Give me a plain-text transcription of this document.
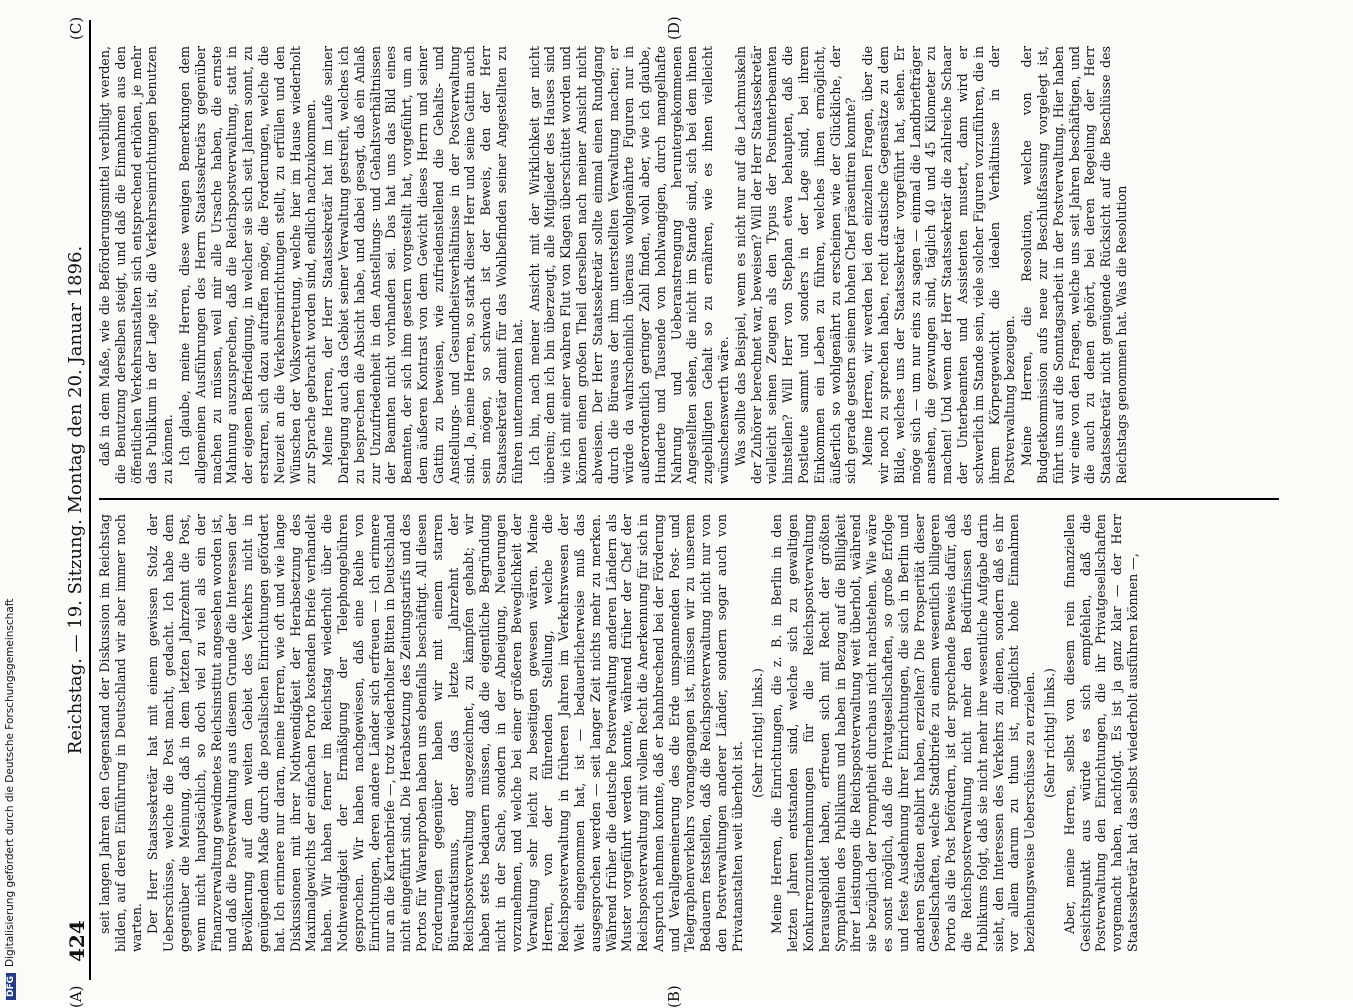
424
Reichstag. — 19. Sitzung. Montag den 20. Januar 1896.
(A)	(B)
(C)	(D)

seit langen Jahren den Gegenstand der Diskussion im Reichstag bilden, auf deren Einführung in Deutschland wir aber immer noch warten. Der Herr Staatssekretär hat mit einem gewissen Stolz der Ueberschüsse, welche die Post macht, gedacht. Ich habe dem gegenüber die Meinung, daß in dem letzten Jahrzehnt die Post, wenn nicht hauptsächlich, so doch viel zu viel als ein der Finanzverwaltung gewidmetes Reichsinstitut angesehen worden ist, und daß die Postverwaltung aus diesem Grunde die Interessen der Bevölkerung auf dem weiten Gebiet des Verkehrs nicht in genügendem Maße durch die postalischen Einrichtungen gefördert hat. Ich erinnere nur daran, meine Herren, wie oft und wie lange Diskussionen mit ihrer Nothwendigkeit der Herabsetzung des Maximalgewichts der einfachen Porto kostenden Briefe verhandelt haben. Wir haben ferner im Reichstag wiederholt über die Nothwendigkeit der Ermäßigung der Telephongebühren gesprochen. Wir haben nachgewiesen, daß eine Reihe von Einrichtungen, deren andere Länder sich erfreuen — ich erinnere nur an die Kartenbriefe —, trotz wiederholter Bitten in Deutschland nicht eingeführt sind. Die Herabsetzung des Zeitungstarifs und des Portos für Warenproben haben uns ebenfalls beschäftigt. All diesen Forderungen gegenüber haben wir mit einem starren Büreaukratismus, der das letzte Jahrzehnt der Reichspostverwaltung ausgezeichnet, zu kämpfen gehabt; wir haben stets bedauern müssen, daß die eigentliche Begründung nicht in der Sache, sondern in der Abneigung, Neuerungen vorzunehmen, und welche bei einer größeren Beweglichkeit der Verwaltung sehr leicht zu beseitigen gewesen wären. Meine Herren, von der führenden Stellung, welche die Reichspostverwaltung in früheren Jahren im Verkehrswesen der Welt eingenommen hat, ist — bedauerlicherweise muß das ausgesprochen werden — seit langer Zeit nichts mehr zu merken. Während früher die deutsche Postverwaltung anderen Ländern als Muster vorgeführt werden konnte, während früher der Chef der Reichspostverwaltung mit vollem Recht die Anerkennung für sich in Anspruch nehmen konnte, daß er bahnbrechend bei der Förderung und Verallgemeinerung des die Erde umspannenden Post- und Telegraphenverkehrs vorangegangen ist, müssen wir zu unserem Bedauern feststellen, daß die Reichspostverwaltung nicht nur von den Postverwaltungen anderer Länder, sondern sogar auch von Privatanstalten weit überholt ist.

(Sehr richtig! links.) Meine Herren, die Einrichtungen, die z. B. in Berlin in den letzten Jahren entstanden sind, welche sich zu gewaltigen Konkurrenzunternehmungen für die Reichspostverwaltung herausgebildet haben, erfreuen sich mit Recht der größten Sympathien des Publikums und haben in Bezug auf die Billigkeit ihrer Leistungen die Reichspostverwaltung weit überholt, während sie bezüglich der Promptheit durchaus nicht nachstehen. Wie wäre es sonst möglich, daß die Privatgesellschaften, so große Erfolge und feste Ausdehnung ihrer Einrichtungen, die sich in Berlin und anderen Städten etablirt haben, erzielten? Die Prosperität dieser Gesellschaften, welche Stadtbriefe zu einem wesentlich billigeren Porto als die Post befördern, ist der sprechende Beweis dafür, daß die Reichspostverwaltung nicht mehr den Bedürfnissen des Publikums folgt, daß sie nicht mehr ihre wesentliche Aufgabe darin sieht, den Interessen des Verkehrs zu dienen, sondern daß es ihr vor allem darum zu thun ist, möglichst hohe Einnahmen beziehungsweise Ueberschüsse zu erzielen. (Sehr richtig! links.) Aber, meine Herren, selbst von diesem rein finanziellen Gesichtspunkt aus würde es sich empfehlen, daß die Postverwaltung den Einrichtungen, die ihr Privatgesellschaften vorgemacht haben, nachfolgt. Es ist ja ganz klar — der Herr Staatssekretär hat das selbst wiederholt ausführen können —,

daß in dem Maße, wie die Beförderungsmittel verbilligt werden, die Benutzung derselben steigt, und daß die Einnahmen aus den öffentlichen Verkehrsanstalten sich entsprechend erhöhen, je mehr das Publikum in der Lage ist, die Verkehrseinrichtungen benutzen zu können. Ich glaube, meine Herren, diese wenigen Bemerkungen dem allgemeinen Ausführungen des Herrn Staatssekretärs gegenüber machen zu müssen, weil mir alle Ursache haben, die ernste Mahnung auszusprechen, daß die Reichspostverwaltung, statt in der eigenen Befriedigung, in welcher sie sich seit Jahren sonnt, zu erstarren, sich dazu aufraffen möge, die Forderungen, welche die Neuzeit an die Verkehrseinrichtungen stellt, zu erfüllen und den Wünschen der Volksvertretung, welche hier im Hause wiederholt zur Sprache gebracht worden sind, endlich nachzukommen. Meine Herren, der Herr Staatssekretär hat im Laufe seiner Darlegung auch das Gebiet seiner Verwaltung gestreift, welches ich zu besprechen die Absicht habe, und dabei gesagt, daß ein Anlaß zur Unzufriedenheit in den Anstellungs- und Gehaltsverhältnissen der Beamten nicht vorhanden sei. Das hat uns das Bild eines Beamten, der sich ihm gestern vorgestellt hat, vorgeführt, um an dem äußeren Kontrast von dem Gewicht dieses Herrn und seiner Gattin zu beweisen, wie zufriedenstellend die Gehalts- und Anstellungs- und Gesundheitsverhältnisse in der Postverwaltung sind. Ja, meine Herren, so stark dieser Herr und seine Gattin auch sein mögen, so schwach ist der Beweis, den der Herr Staatssekretär damit für das Wohlbefinden seiner Angestellten zu führen unternommen hat. Ich bin, nach meiner Ansicht mit der Wirklichkeit gar nicht überein; denn ich bin überzeugt, alle Mitglieder des Hauses sind wie ich mit einer wahren Flut von Klagen überschüttet worden und können einen großen Theil derselben nach meiner Ansicht nicht abweisen. Der Herr Staatssekretär sollte einmal einen Rundgang durch die Büreaus der ihm unterstellten Verwaltung machen; er würde da wahrscheinlich überaus wohlgenährte Figuren nur in außerordentlich geringer Zahl finden, wohl aber, wie ich glaube, Hunderte und Tausende von hohlwangigen, durch mangelhafte Nahrung und Ueberanstrengung heruntergekommenen Angestellten sehen, die nicht im Stande sind, sich bei dem ihnen zugebilligten Gehalt so zu ernähren, wie es ihnen vielleicht wünschenswerth wäre. Was sollte das Beispiel, wenn es nicht nur auf die Lachmuskeln der Zuhörer berechnet war, beweisen? Will der Herr Staatssekretär vielleicht seinen Zeugen als den Typus der Postunterbeamten hinstellen? Will Herr von Stephan etwa behaupten, daß die Postleute sammt und sonders in der Lage sind, bei ihrem Einkommen ein Leben zu führen, welches ihnen ermöglicht, äußerlich so wohlgenährt zu erscheinen wie der Glückliche, der sich gerade gestern seinem hohen Chef präsentiren konnte? Meine Herren, wir werden bei den einzelnen Fragen, über die wir noch zu sprechen haben, recht drastische Gegensätze zu dem Bilde, welches uns der Staatssekretär vorgeführt hat, sehen. Er möge sich — um nur eins zu sagen — einmal die Landbriefträger ansehen, die gezwungen sind, täglich 40 und 45 Kilometer zu machen! Und wenn der Herr Staatssekretär die zahlreiche Schaar der Unterbeamten und Assistenten mustert, dann wird er schwerlich im Stande sein, viele solcher Figuren vorzuführen, die in ihrem Körpergewicht die idealen Verhältnisse in der Postverwaltung bezeugen. Meine Herren, die Resolution, welche von der Budgetkommission aufs neue zur Beschlußfassung vorgelegt ist, führt uns auf die Sonntagsarbeit in der Postverwaltung. Hier haben wir eine von den Fragen, welche uns seit Jahren beschäftigen, und die auch zu denen gehört, bei deren Regelung der Herr Staatssekretär nicht genügende Rücksicht auf die Beschlüsse des Reichstags genommen hat. Was die Resolution

DFGDigitalisierung gefördert durch die Deutsche Forschungsgemeinschaft
